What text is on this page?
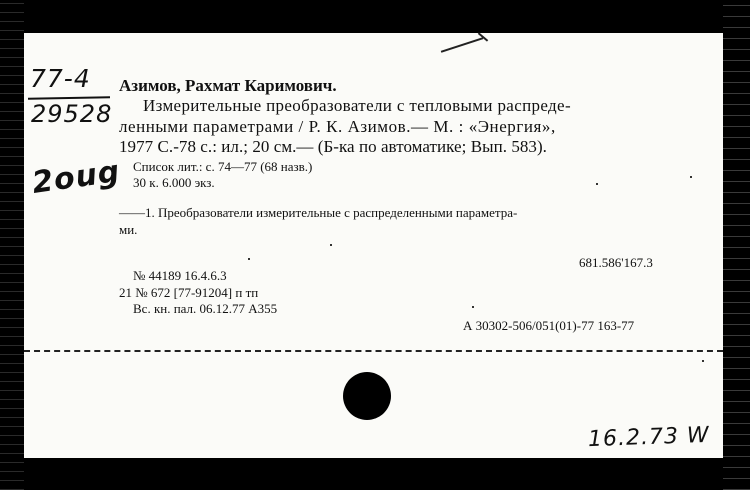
77-4
29528
2oug
Азимов, Рахмат Каримович.
Измерительные преобразователи с тепловыми распреде-
ленными параметрами / Р. К. Азимов.— М. : «Энергия»,
1977 С.-78 с.: ил.; 20 см.— (Б-ка по автоматике; Вып. 583).
Список лит.: с. 74—77 (68 назв.)
30 к. 6.000 экз.
——1. Преобразователи измерительные с распределенными параметра-
ми.
681.586'167.3
№ 44189 16.4.6.3
21 № 672 [77-91204] п тп
Вс. кн. пал. 06.12.77 А355
А 30302-506/051(01)-77 163-77
16.2.73 W
